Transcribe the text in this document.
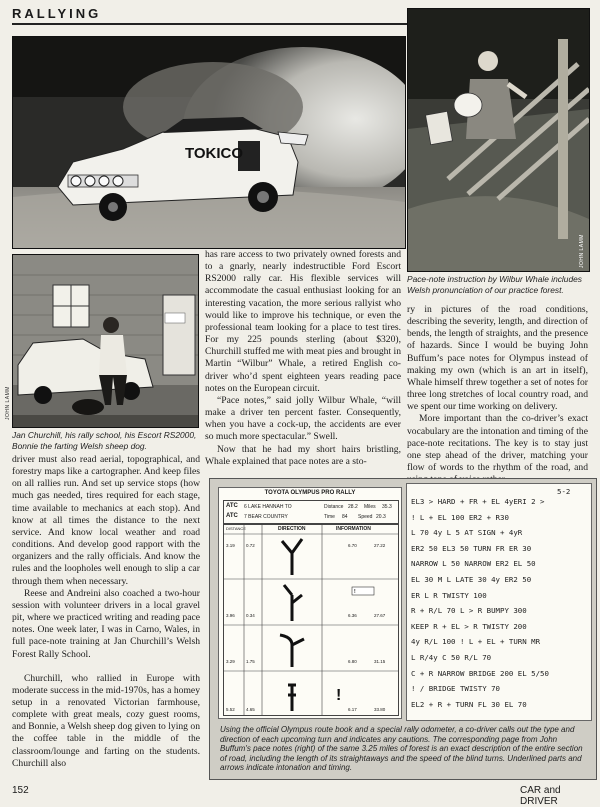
RALLYING
TOKICO
JOHN LAMM
JOHN LAMM
Jan Churchill, his rally school, his Escort RS2000, Bonnie the farting Welsh sheep dog.
Pace-note instruction by Wilbur Whale includes Welsh pronunciation of our practice forest.

has rare access to two privately owned forests and to a gnarly, nearly indestructible Ford Escort RS2000 rally car. His flexible services will accommodate the casual enthusiast looking for an interesting vacation, the more serious rallyist who would like to improve his technique, or even the professional team looking for a place to test tires. For my 225 pounds sterling (about $320), Churchill stuffed me with meat pies and brought in Martin “Wilbur” Whale, a retired English co-driver who’d spent eighteen years reading pace notes on the European circuit.

“Pace notes,” said jolly Wilbur Whale, “will make a driver ten percent faster. Consequently, when you have a cock-up, the accidents are ever so much more spectacular.” Swell.

Now that he had my short hairs bristling, Whale explained that pace notes are a sto-

ry in pictures of the road conditions, describing the severity, length, and direction of bends, the length of straights, and the presence of hazards. Since I would be buying John Buffum’s pace notes for Olympus instead of making my own (which is an art in itself), Whale himself threw together a set of notes for three long stretches of local country road, and we spent our time working on delivery.

More important than the co-driver’s exact vocabulary are the intonation and timing of the pace-note recitations. The key is to stay just one step ahead of the driver, matching your flow of words to the rhythm of the road, and

driver must also read aerial, topographical, and forestry maps like a cartographer. And keep files on all rallies run. And set up service stops (how much gas needed, tires required for each stage, time available to mechanics at each stop). And know at all times the distance to the next service. And know local weather and road conditions. And develop good rapport with the organizers and the rally officials. And know the rules and the loopholes well enough to slip a car through them when necessary.

Reese and Andreini also coached a two-hour session with volunteer drivers in a local gravel pit, where we practiced writing and reading pace notes. One week later, I was in Carno, Wales, in full pace-note training at Jan Churchill’s Welsh Forest Rally School.

Churchill, who rallied in Europe with moderate success in the mid-1970s, has a homey setup in a renovated Victorian farmhouse, complete with great meals, cozy guest rooms, and Bonnie, a Welsh sheep dog given to lying on the coffee table in the middle of the classroom/lounge and farting on the students. Churchill also

TOYOTA OLYMPUS PRO RALLY
ATC 6 LAKE HANNAH TO
ATC 7 BEAR COUNTRY
Distance 28.2 Miles 35.3
Time 84 Speed 20.3
DISTANCE	DIRECTION	INFORMATION
!
!
3.19 0.72	6.70	27.22
3.96 0.34	6.36	27.67
3.29 1.75	6.80	31.15
5.52 4.65	6.17	33.80
5-2
EL3 > HARD + FR + EL 4yERI 2 >
! L + EL 100 ER2 + R30
L 70 4y L 5 AT SIGN + 4yR
ER2 50 EL3 50 TURN FR ER 30
NARROW L 50 NARROW ER2 EL 50
EL 30 M L LATE 30 4y ER2 50
ER L R TWISTY 100
R + R/L 70 L > R BUMPY 300
KEEP R + EL > R TWISTY 200
4y R/L 100 ! L + EL + TURN MR
L R/4y C 50 R/L 70
C + R NARROW BRIDGE 200 EL 5/50
! / BRIDGE TWISTY 70
EL2 + R + TURN FL 30 EL 70
Using the official Olympus route book and a special rally odometer, a co-driver calls out the type and direction of each upcoming turn and indicates any cautions. The corresponding page from John Buffum's pace notes (right) of the same 3.25 miles of forest is an exact description of the entire section of road, including the length of its straightaways and the speed of the blind turns. Underlined parts and arrows indicate intonation and timing.
152	CAR and DRIVER
